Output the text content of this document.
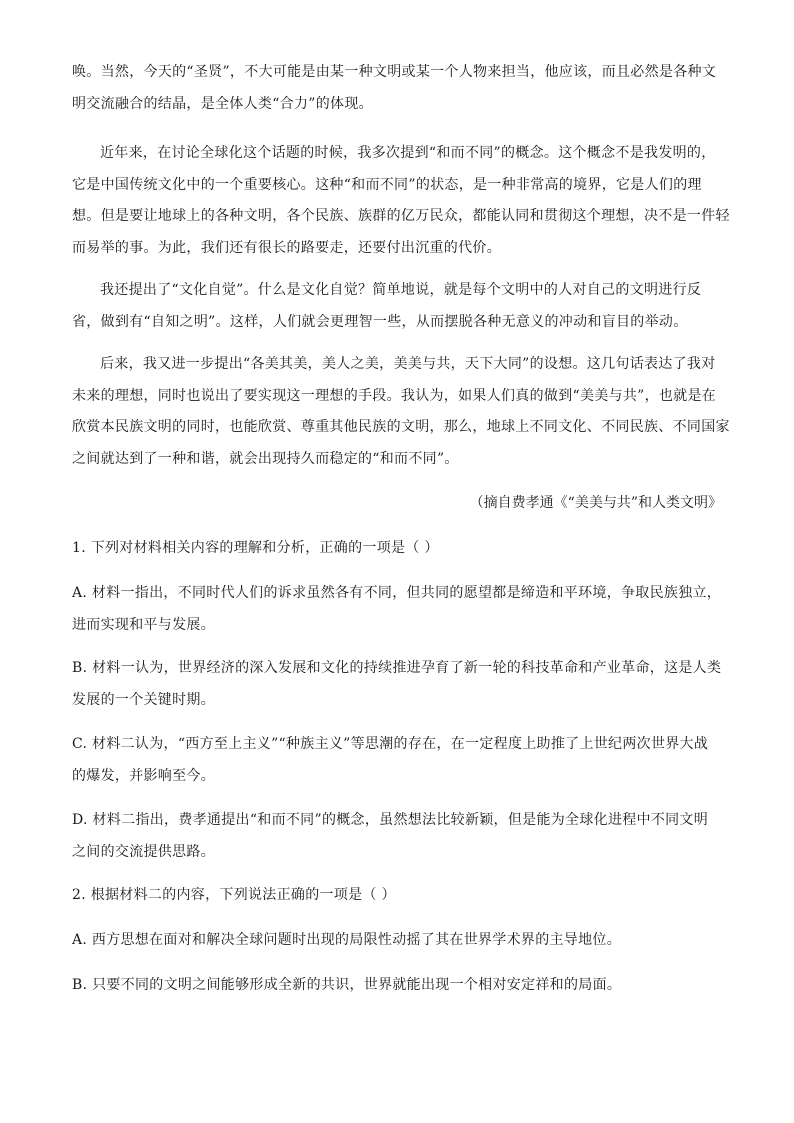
唤。当然，今天的“圣贤”，不大可能是由某一种文明或某一个人物来担当，他应该，而且必然是各种文
明交流融合的结晶，是全体人类“合力”的体现。
近年来，在讨论全球化这个话题的时候，我多次提到“和而不同”的概念。这个概念不是我发明的，
它是中国传统文化中的一个重要核心。这种“和而不同”的状态，是一种非常高的境界，它是人们的理
想。但是要让地球上的各种文明，各个民族、族群的亿万民众，都能认同和贯彻这个理想，决不是一件轻
而易举的事。为此，我们还有很长的路要走，还要付出沉重的代价。
我还提出了“文化自觉”。什么是文化自觉？简单地说，就是每个文明中的人对自己的文明进行反
省，做到有“自知之明”。这样，人们就会更理智一些，从而摆脱各种无意义的冲动和盲目的举动。
后来，我又进一步提出“各美其美，美人之美，美美与共，天下大同”的设想。这几句话表达了我对
未来的理想，同时也说出了要实现这一理想的手段。我认为，如果人们真的做到“美美与共”，也就是在
欣赏本民族文明的同时，也能欣赏、尊重其他民族的文明，那么，地球上不同文化、不同民族、不同国家
之间就达到了一种和谐，就会出现持久而稳定的“和而不同”。

（摘自费孝通《“美美与共”和人类文明》

1. 下列对材料相关内容的理解和分析，正确的一项是（ ）
A. 材料一指出，不同时代人们的诉求虽然各有不同，但共同的愿望都是缔造和平环境，争取民族独立，
进而实现和平与发展。
B. 材料一认为，世界经济的深入发展和文化的持续推进孕育了新一轮的科技革命和产业革命，这是人类
发展的一个关键时期。
C. 材料二认为，“西方至上主义”“种族主义”等思潮的存在，在一定程度上助推了上世纪两次世界大战
的爆发，并影响至今。
D. 材料二指出，费孝通提出“和而不同”的概念，虽然想法比较新颖，但是能为全球化进程中不同文明
之间的交流提供思路。
2. 根据材料二的内容，下列说法正确的一项是（ ）
A. 西方思想在面对和解决全球问题时出现的局限性动摇了其在世界学术界的主导地位。
B. 只要不同的文明之间能够形成全新的共识，世界就能出现一个相对安定祥和的局面。
